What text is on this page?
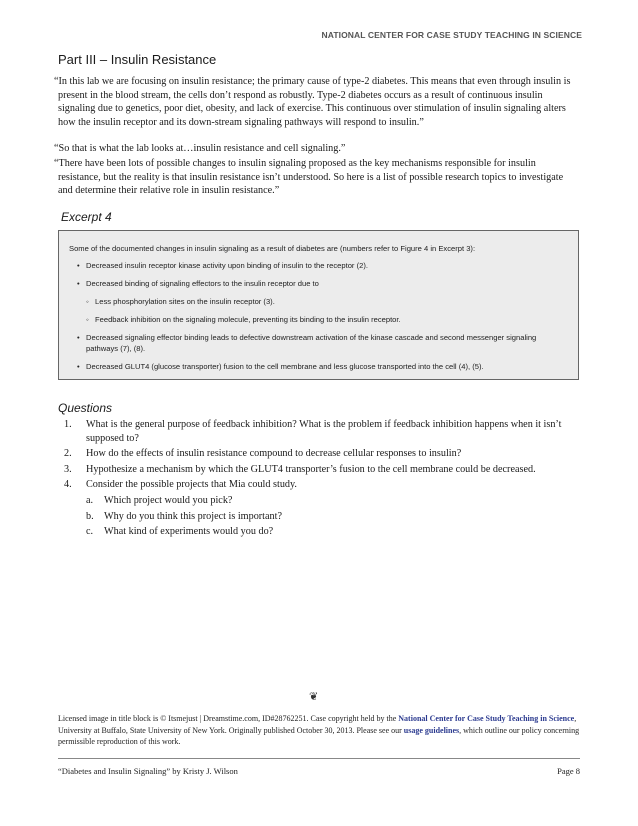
NATIONAL CENTER FOR CASE STUDY TEACHING IN SCIENCE
Part III – Insulin Resistance
“In this lab we are focusing on insulin resistance; the primary cause of type-2 diabetes. This means that even through insulin is present in the blood stream, the cells don’t respond as robustly. Type-2 diabetes occurs as a result of continuous insulin signaling due to genetics, poor diet, obesity, and lack of exercise. This continuous over stimulation of insulin signaling alters how the insulin receptor and its down-stream signaling pathways will respond to insulin.”
“So that is what the lab looks at…insulin resistance and cell signaling.”
“There have been lots of possible changes to insulin signaling proposed as the key mechanisms responsible for insulin resistance, but the reality is that insulin resistance isn’t understood. So here is a list of possible research topics to investigate and determine their relative role in insulin resistance.”
Excerpt 4

Some of the documented changes in insulin signaling as a result of diabetes are (numbers refer to Figure 4 in Excerpt 3):

• Decreased insulin receptor kinase activity upon binding of insulin to the receptor (2).
• Decreased binding of signaling effectors to the insulin receptor due to
◦ Less phosphorylation sites on the insulin receptor (3).
◦ Feedback inhibition on the signaling molecule, preventing its binding to the insulin receptor.
• Decreased signaling effector binding leads to defective downstream activation of the kinase cascade and second messenger signaling pathways (7), (8).
• Decreased GLUT4 (glucose transporter) fusion to the cell membrane and less glucose transported into the cell (4), (5).
Questions
1. What is the general purpose of feedback inhibition? What is the problem if feedback inhibition happens when it isn’t supposed to?
2. How do the effects of insulin resistance compound to decrease cellular responses to insulin?
3. Hypothesize a mechanism by which the GLUT4 transporter’s fusion to the cell membrane could be decreased.
4. Consider the possible projects that Mia could study.
a. Which project would you pick?
b. Why do you think this project is important?
c. What kind of experiments would you do?
❦
Licensed image in title block is © Itsmejust | Dreamstime.com, ID#28762251. Case copyright held by the National Center for Case Study Teaching in Science, University at Buffalo, State University of New York. Originally published October 30, 2013. Please see our usage guidelines, which outline our policy concerning permissible reproduction of this work.
“Diabetes and Insulin Signaling” by Kristy J. Wilson	Page 8
